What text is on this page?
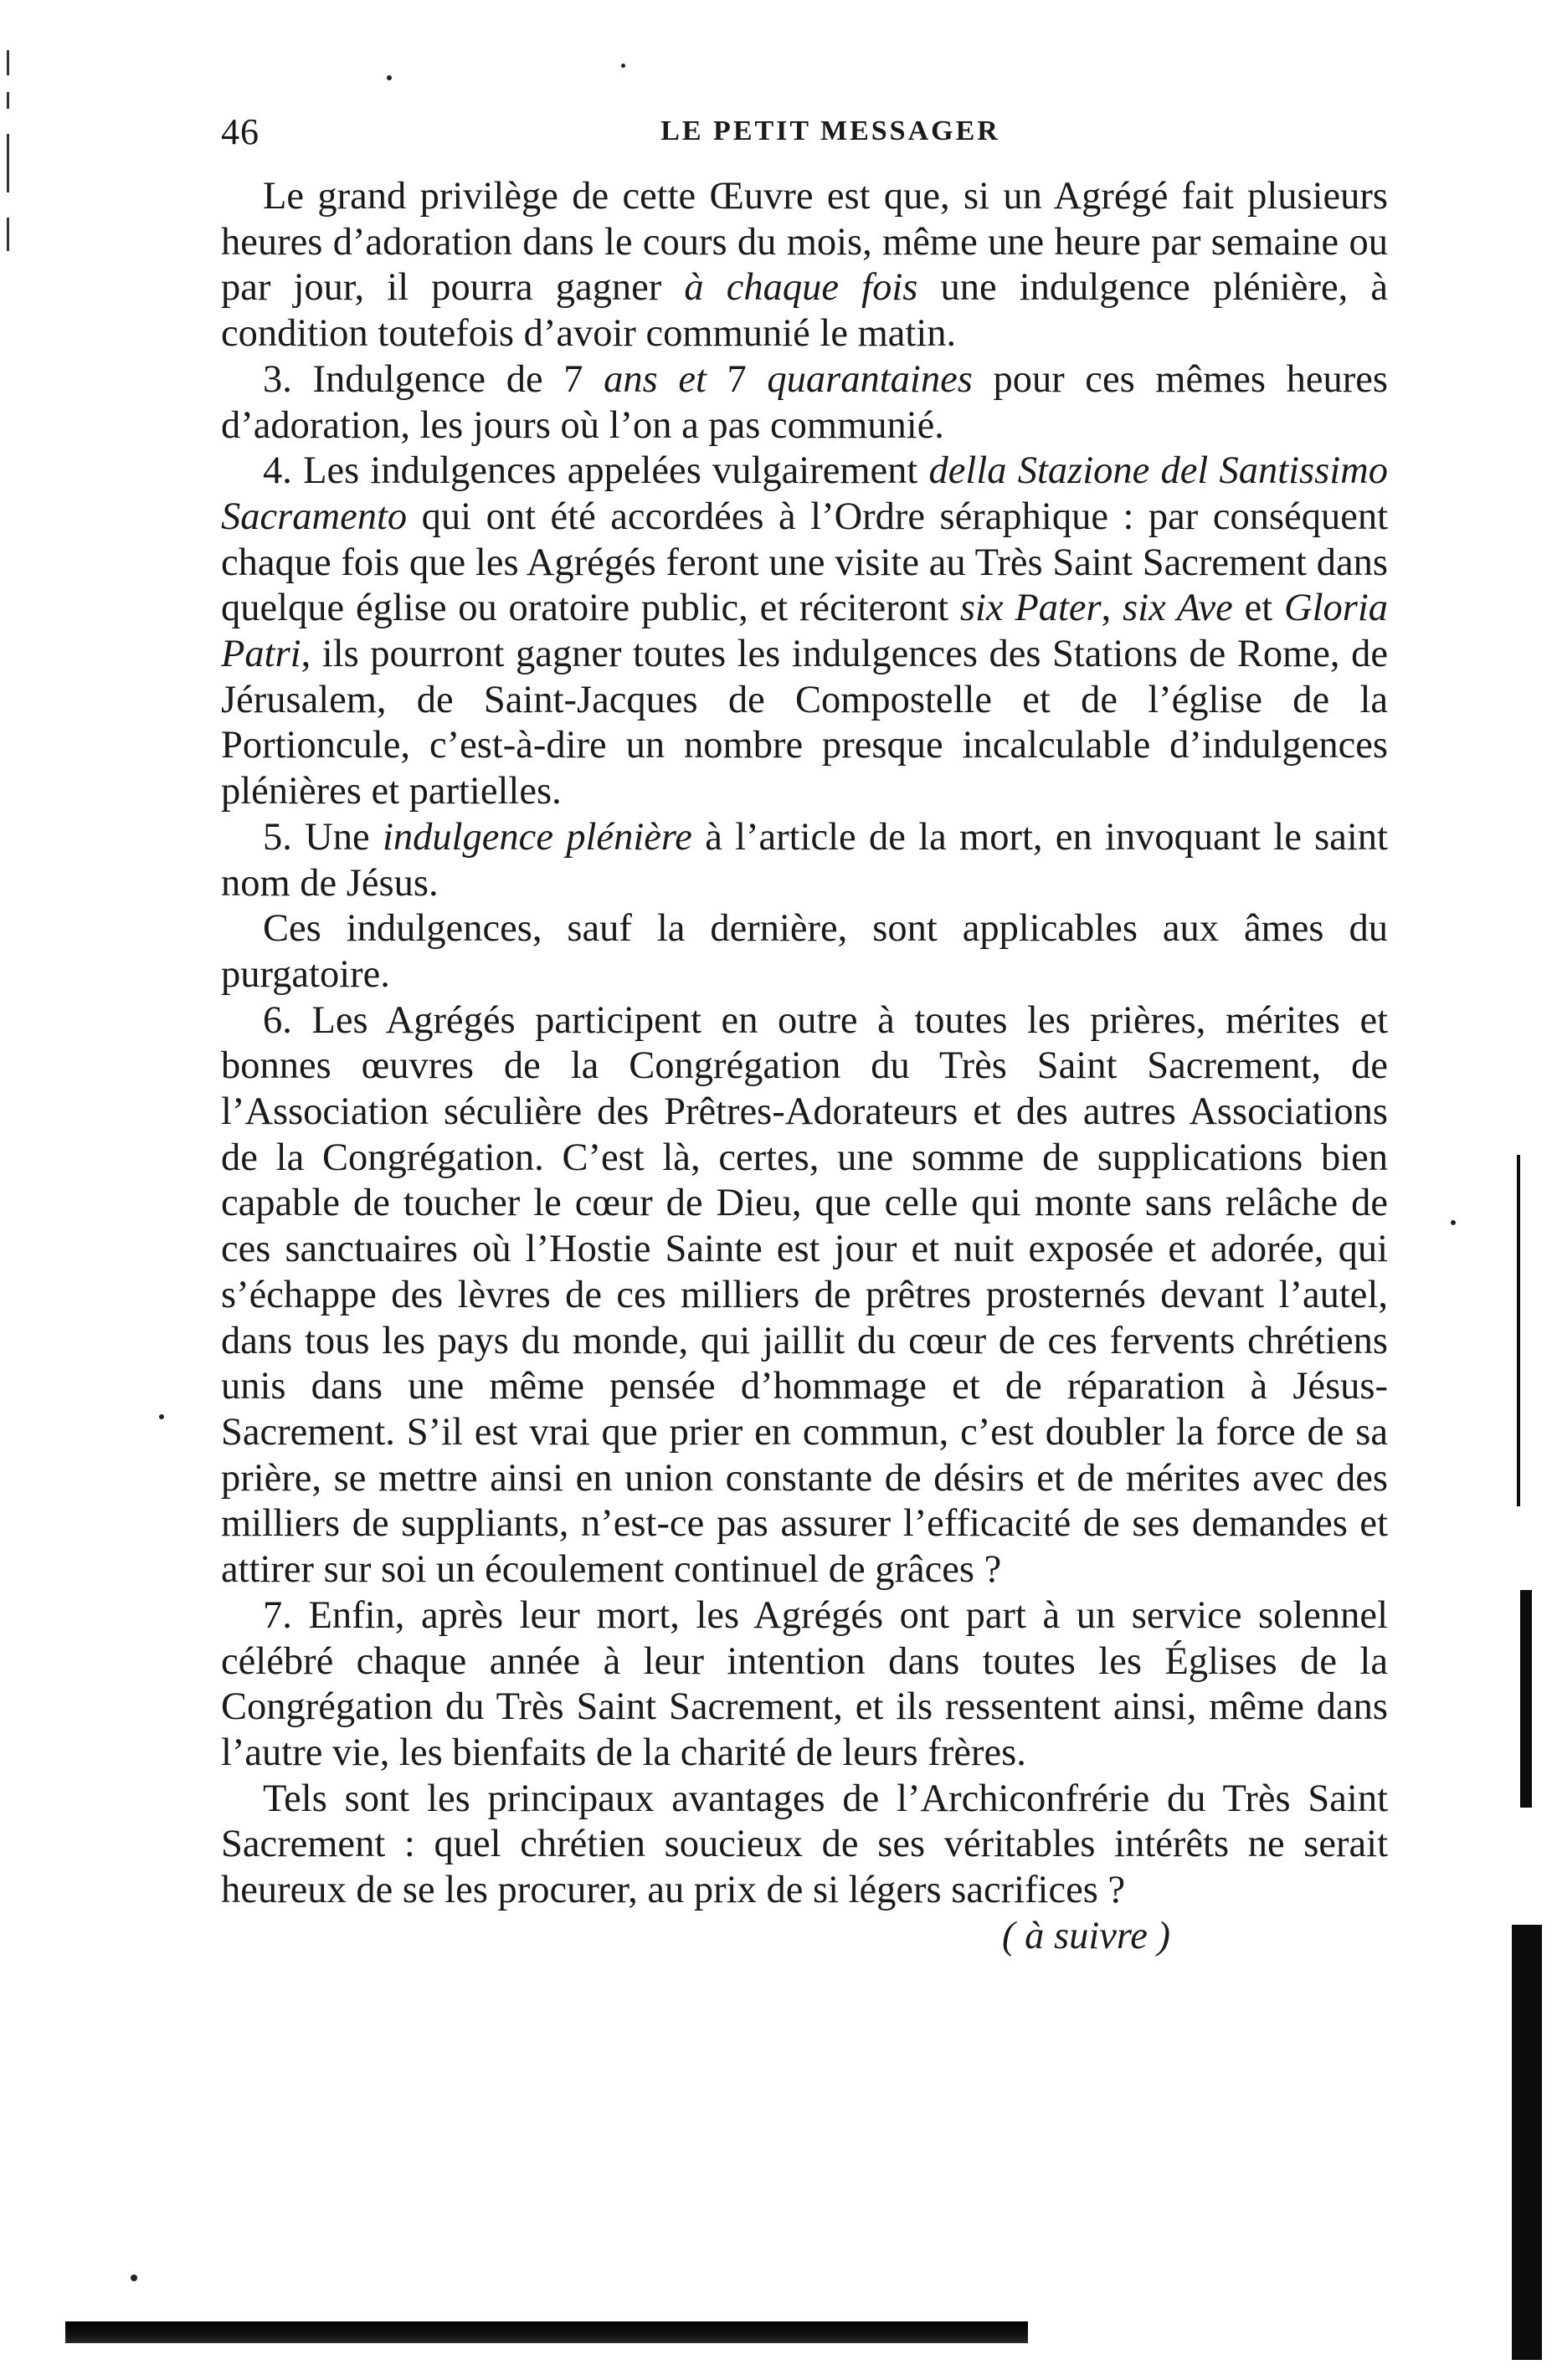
46	LE PETIT MESSAGER

Le grand privilège de cette Œuvre est que, si un Agrégé fait plusieurs heures d’adoration dans le cours du mois, même une heure par semaine ou par jour, il pourra gagner à chaque fois une indulgence plénière, à condition toutefois d’avoir communié le matin.

3. Indulgence de 7 ans et 7 quarantaines pour ces mêmes heures d’adoration, les jours où l’on a pas communié.

4. Les indulgences appelées vulgairement della Stazione del Santissimo Sacramento qui ont été accordées à l’Ordre séraphique : par conséquent chaque fois que les Agrégés feront une visite au Très Saint Sacrement dans quelque église ou oratoire public, et réciteront six Pater, six Ave et Gloria Patri, ils pourront gagner toutes les indulgences des Stations de Rome, de Jérusalem, de Saint-Jacques de Compostelle et de l’église de la Portioncule, c’est-à-dire un nombre presque incalculable d’indulgences plénières et partielles.

5. Une indulgence plénière à l’article de la mort, en invoquant le saint nom de Jésus.

Ces indulgences, sauf la dernière, sont applicables aux âmes du purgatoire.

6. Les Agrégés participent en outre à toutes les prières, mérites et bonnes œuvres de la Congrégation du Très Saint Sacrement, de l’Association séculière des Prêtres-Adorateurs et des autres Associations de la Congrégation. C’est là, certes, une somme de supplications bien capable de toucher le cœur de Dieu, que celle qui monte sans relâche de ces sanctuaires où l’Hostie Sainte est jour et nuit exposée et adorée, qui s’échappe des lèvres de ces milliers de prêtres prosternés devant l’autel, dans tous les pays du monde, qui jaillit du cœur de ces fervents chrétiens unis dans une même pensée d’hommage et de réparation à Jésus-Sacrement. S’il est vrai que prier en commun, c’est doubler la force de sa prière, se mettre ainsi en union constante de désirs et de mérites avec des milliers de suppliants, n’est-ce pas assurer l’efficacité de ses demandes et attirer sur soi un écoulement continuel de grâces ?

7. Enfin, après leur mort, les Agrégés ont part à un service solennel célébré chaque année à leur intention dans toutes les Églises de la Congrégation du Très Saint Sacrement, et ils ressentent ainsi, même dans l’autre vie, les bienfaits de la charité de leurs frères.

Tels sont les principaux avantages de l’Archiconfrérie du Très Saint Sacrement : quel chrétien soucieux de ses véritables intérêts ne serait heureux de se les procurer, au prix de si légers sacrifices ?
( à suivre )
